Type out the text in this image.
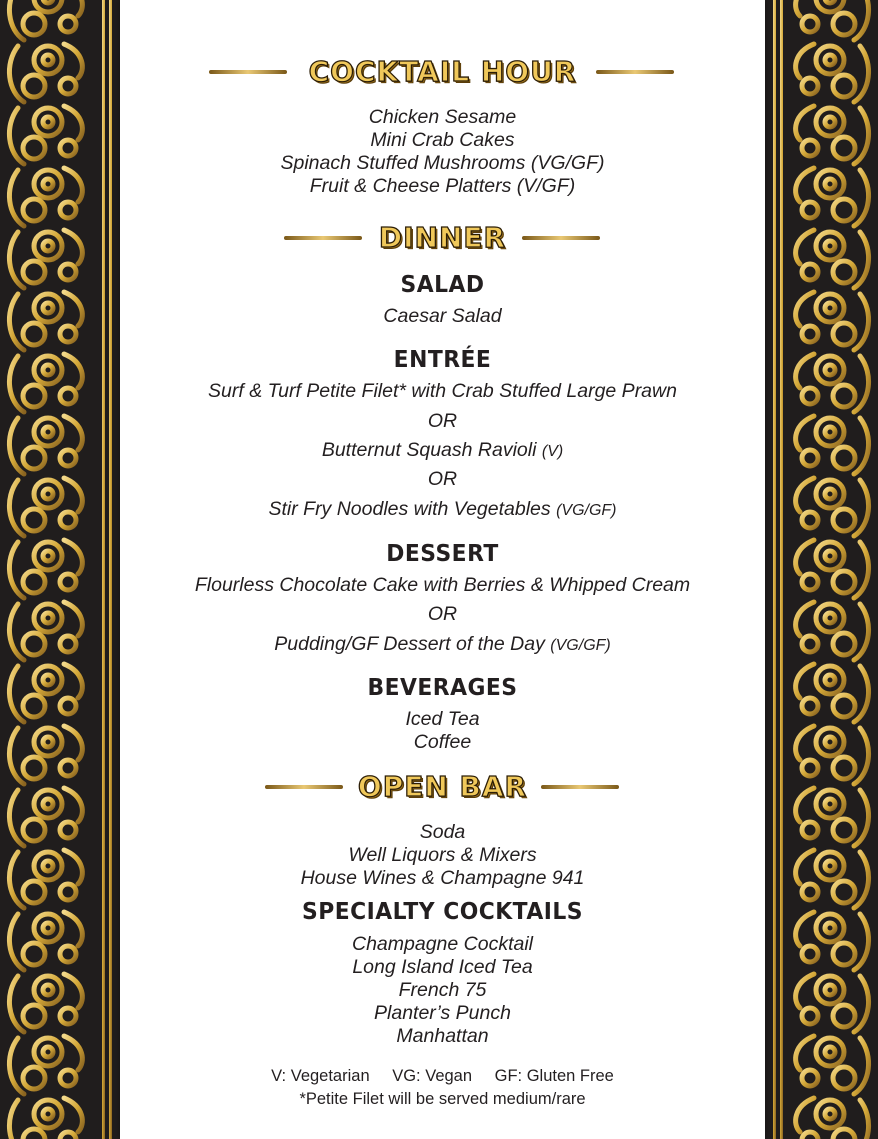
COCKTAIL HOUR
Chicken Sesame
Mini Crab Cakes
Spinach Stuffed Mushrooms (VG/GF)
Fruit & Cheese Platters (V/GF)
DINNER
SALAD
Caesar Salad
ENTRÉE
Surf & Turf Petite Filet* with Crab Stuffed Large Prawn
OR
Butternut Squash Ravioli (V)
OR
Stir Fry Noodles with Vegetables (VG/GF)
DESSERT
Flourless Chocolate Cake with Berries & Whipped Cream
OR
Pudding/GF Dessert of the Day (VG/GF)
BEVERAGES
Iced Tea
Coffee
OPEN BAR
Soda
Well Liquors & Mixers
House Wines & Champagne 941
SPECIALTY COCKTAILS
Champagne Cocktail
Long Island Iced Tea
French 75
Planter’s Punch
Manhattan
V: Vegetarian VG: Vegan GF: Gluten Free
*Petite Filet will be served medium/rare
